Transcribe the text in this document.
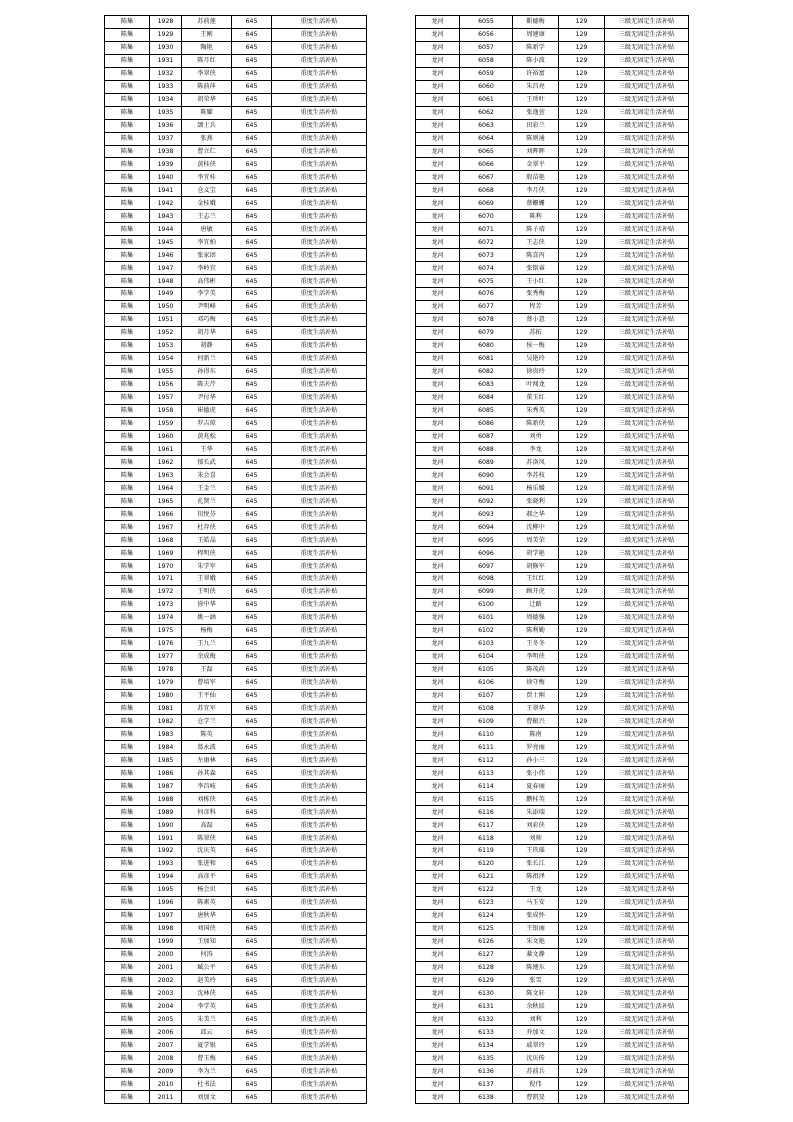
陈集	1928	苏前莲	645	重度生活补贴
陈集	1929	王刚	645	重度生活补贴
陈集	1930	陶艳	645	重度生活补贴
陈集	1931	陈月红	645	重度生活补贴
陈集	1932	李翠侠	645	重度生活补贴
陈集	1933	陈前萍	645	重度生活补贴
陈集	1934	胡荣华	645	重度生活补贴
陈集	1935	陈耀	645	重度生活补贴
陈集	1936	颉士兵	645	重度生活补贴
陈集	1937	张燕	645	重度生活补贴
陈集	1938	曹立仁	645	重度生活补贴
陈集	1939	黄桂侠	645	重度生活补贴
陈集	1940	李宜桂	645	重度生活补贴
陈集	1941	仓义宝	645	重度生活补贴
陈集	1942	金桂娥	645	重度生活补贴
陈集	1943	王志兰	645	重度生活补贴
陈集	1944	唐敏	645	重度生活补贴
陈集	1945	李宜柏	645	重度生活补贴
陈集	1946	张家团	645	重度生活补贴
陈集	1947	李岭宜	645	重度生活补贴
陈集	1948	高伟彬	645	重度生活补贴
陈集	1949	李学美	645	重度生活补贴
陈集	1950	尹明峰	645	重度生活补贴
陈集	1951	邓巧梅	645	重度生活补贴
陈集	1952	胡月华	645	重度生活补贴
陈集	1953	胡静	645	重度生活补贴
陈集	1954	何新兰	645	重度生活补贴
陈集	1955	孙得东	645	重度生活补贴
陈集	1956	陈夫芹	645	重度生活补贴
陈集	1957	尹付华	645	重度生活补贴
陈集	1958	崔德虎	645	重度生活补贴
陈集	1959	罗吉琼	645	重度生活补贴
陈集	1960	黄兆松	645	重度生活补贴
陈集	1961	王华	645	重度生活补贴
陈集	1962	郁长武	645	重度生活补贴
陈集	1963	朱会喜	645	重度生活补贴
陈集	1964	王金兰	645	重度生活补贴
陈集	1965	孔贤兰	645	重度生活补贴
陈集	1966	徂悦芬	645	重度生活补贴
陈集	1967	杜存侠	645	重度生活补贴
陈集	1968	王皓晶	645	重度生活补贴
陈集	1969	程明侠	645	重度生活补贴
陈集	1970	朱学军	645	重度生活补贴
陈集	1971	王翠娥	645	重度生活补贴
陈集	1972	王明侠	645	重度生活补贴
陈集	1973	徐中华	645	重度生活补贴
陈集	1974	姚一涵	645	重度生活补贴
陈集	1975	杨梅	645	重度生活补贴
陈集	1976	王九兰	645	重度生活补贴
陈集	1977	余成梅	645	重度生活补贴
陈集	1978	王磊	645	重度生活补贴
陈集	1979	曹培军	645	重度生活补贴
陈集	1980	王平仙	645	重度生活补贴
陈集	1981	苏宜军	645	重度生活补贴
陈集	1982	仓学兰	645	重度生活补贴
陈集	1983	陈英	645	重度生活补贴
陈集	1984	葛永波	645	重度生活补贴
陈集	1985	左康林	645	重度生活补贴
陈集	1986	孙其森	645	重度生活补贴
陈集	1987	李昌岐	645	重度生活补贴
陈集	1988	刘栋侠	645	重度生活补贴
陈集	1989	何彦科	645	重度生活补贴
陈集	1990	高磊	645	重度生活补贴
陈集	1991	陈翠侠	645	重度生活补贴
陈集	1992	沈庆英	645	重度生活补贴
陈集	1993	张进和	645	重度生活补贴
陈集	1994	高彦平	645	重度生活补贴
陈集	1995	杨会贝	645	重度生活补贴
陈集	1996	陈素英	645	重度生活补贴
陈集	1997	唐秋华	645	重度生活补贴
陈集	1998	刘国侠	645	重度生活补贴
陈集	1999	王加知	645	重度生活补贴
陈集	2000	何涛	645	重度生活补贴
陈集	2001	臧公平	645	重度生活补贴
陈集	2002	赵美玲	645	重度生活补贴
陈集	2003	沈林侠	645	重度生活补贴
陈集	2004	李学英	645	重度生活补贴
陈集	2005	朱美兰	645	重度生活补贴
陈集	2006	邱云	645	重度生活补贴
陈集	2007	夏学银	645	重度生活补贴
陈集	2008	曹玉梅	645	重度生活补贴
陈集	2009	李为兰	645	重度生活补贴
陈集	2010	杜书法	645	重度生活补贴
陈集	2011	刘加文	645	重度生活补贴
龙河	6055	靳德梅	129	三级无固定生活补贴
龙河	6056	周建康	129	三级无固定生活补贴
龙河	6057	陈新学	129	三级无固定生活补贴
龙河	6058	陈小波	129	三级无固定生活补贴
龙河	6059	许裕富	129	三级无固定生活补贴
龙河	6060	朱昌亮	129	三级无固定生活补贴
龙河	6061	王珍叶	129	三级无固定生活补贴
龙河	6062	张逸萱	129	三级无固定生活补贴
龙河	6063	田彩兰	129	三级无固定生活补贴
龙河	6064	陈则通	129	三级无固定生活补贴
龙河	6065	刘晖晖	129	三级无固定生活补贴
龙河	6066	金翠平	129	三级无固定生活补贴
龙河	6067	殷苗艳	129	三级无固定生活补贴
龙河	6068	李月侠	129	三级无固定生活补贴
龙河	6069	蔡姗姗	129	三级无固定生活补贴
龙河	6070	陈利	129	三级无固定生活补贴
龙河	6071	陈子靖	129	三级无固定生活补贴
龙河	6072	王志侠	129	三级无固定生活补贴
龙河	6073	陈喜丙	129	三级无固定生活补贴
龙河	6074	张铭睿	129	三级无固定生活补贴
龙河	6075	王小红	129	三级无固定生活补贴
龙河	6076	张秀梅	129	三级无固定生活补贴
龙河	6077	程芳	129	三级无固定生活补贴
龙河	6078	蔡小意	129	三级无固定生活补贴
龙河	6079	苏拓	129	三级无固定生活补贴
龙河	6080	侯一梅	129	三级无固定生活补贴
龙河	6081	吴艳玲	129	三级无固定生活补贴
龙河	6082	徐贵玲	129	三级无固定生活补贴
龙河	6083	叶闯龙	129	三级无固定生活补贴
龙河	6084	董玉红	129	三级无固定生活补贴
龙河	6085	朱秀英	129	三级无固定生活补贴
龙河	6086	陈新侠	129	三级无固定生活补贴
龙河	6087	刘勇	129	三级无固定生活补贴
龙河	6088	李龙	129	三级无固定生活补贴
龙河	6089	苏洛凤	129	三级无固定生活补贴
龙河	6090	李苏枝	129	三级无固定生活补贴
龙河	6091	杨乐媛	129	三级无固定生活补贴
龙河	6092	张晓利	129	三级无固定生活补贴
龙河	6093	郝之华	129	三级无固定生活补贴
龙河	6094	沈柳中	129	三级无固定生活补贴
龙河	6095	周美荣	129	三级无固定生活补贴
龙河	6096	胡学艳	129	三级无固定生活补贴
龙河	6097	胡修军	129	三级无固定生活补贴
龙河	6098	王红红	129	三级无固定生活补贴
龙河	6099	顾开虎	129	三级无固定生活补贴
龙河	6100	迁路	129	三级无固定生活补贴
龙河	6101	周德强	129	三级无固定生活补贴
龙河	6102	陈利勤	129	三级无固定生活补贴
龙河	6103	王冬冬	129	三级无固定生活补贴
龙河	6104	李明侠	129	三级无固定生活补贴
龙河	6105	陈茂尚	129	三级无固定生活补贴
龙河	6106	徐守梅	129	三级无固定生活补贴
龙河	6107	贾士刚	129	三级无固定生活补贴
龙河	6108	王翠华	129	三级无固定生活补贴
龙河	6109	曹振兴	129	三级无固定生活补贴
龙河	6110	陈南	129	三级无固定生活补贴
龙河	6111	罗亮丽	129	三级无固定生活补贴
龙河	6112	孙小三	129	三级无固定生活补贴
龙河	6113	张小伟	129	三级无固定生活补贴
龙河	6114	夏春丽	129	三级无固定生活补贴
龙河	6115	鹏桂英	129	三级无固定生活补贴
龙河	6116	朱添瑞	129	三级无固定生活补贴
龙河	6117	刘彩侠	129	三级无固定生活补贴
龙河	6118	刘帅	129	三级无固定生活补贴
龙河	6119	王玖瑶	129	三级无固定生活补贴
龙河	6120	张长江	129	三级无固定生活补贴
龙河	6121	陈祖泽	129	三级无固定生活补贴
龙河	6122	王龙	129	三级无固定生活补贴
龙河	6123	马玉安	129	三级无固定生活补贴
龙河	6124	张成怀	129	三级无固定生活补贴
龙河	6125	王银丽	129	三级无固定生活补贴
龙河	6126	朱文艳	129	三级无固定生活补贴
龙河	6127	綦文静	129	三级无固定生活补贴
龙河	6128	陈建东	129	三级无固定生活补贴
龙河	6129	张雪	129	三级无固定生活补贴
龙河	6130	陈文轩	129	三级无固定生活补贴
龙河	6131	余秋辰	129	三级无固定生活补贴
龙河	6132	刘利	129	三级无固定生活补贴
龙河	6133	乔加文	129	三级无固定生活补贴
龙河	6134	戚翠玲	129	三级无固定生活补贴
龙河	6135	沈庆传	129	三级无固定生活补贴
龙河	6136	苏前兵	129	三级无固定生活补贴
龙河	6137	倪伟	129	三级无固定生活补贴
龙河	6138	曹凯旻	129	三级无固定生活补贴
